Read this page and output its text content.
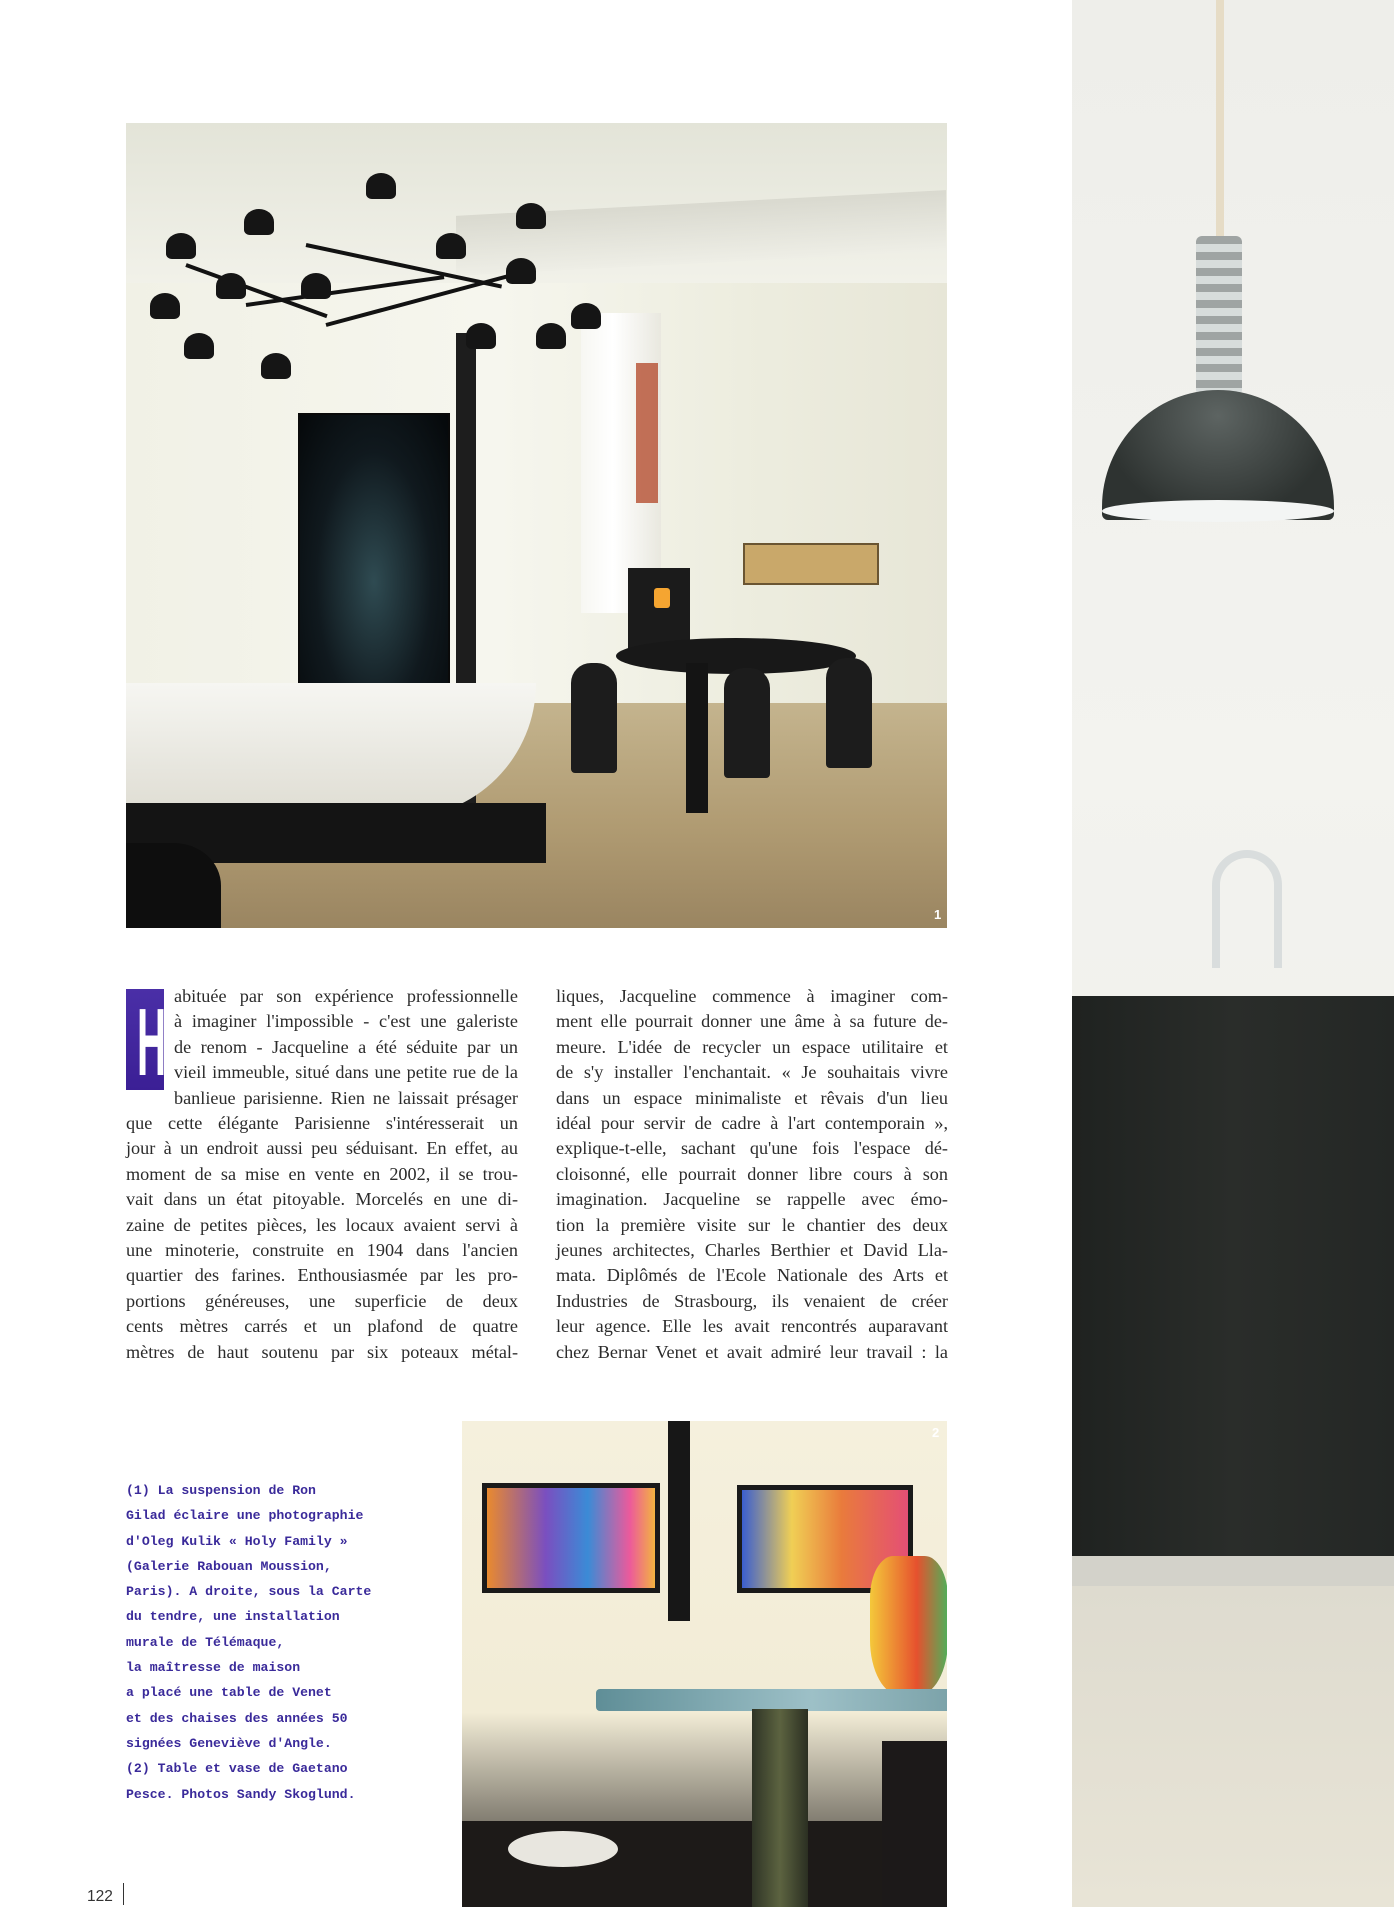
1
H abituée par son expérience professionnelle
à imaginer l'impossible - c'est une galeriste
de renom - Jacqueline a été séduite par un
vieil immeuble, situé dans une petite rue de la
banlieue parisienne. Rien ne laissait présager
que cette élégante Parisienne s'intéresserait un
jour à un endroit aussi peu séduisant. En effet, au
moment de sa mise en vente en 2002, il se trou-
vait dans un état pitoyable. Morcelés en une di-
zaine de petites pièces, les locaux avaient servi à
une minoterie, construite en 1904 dans l'ancien
quartier des farines. Enthousiasmée par les pro-
portions généreuses, une superficie de deux
cents mètres carrés et un plafond de quatre
mètres de haut soutenu par six poteaux métal-

liques, Jacqueline commence à imaginer com-
ment elle pourrait donner une âme à sa future de-
meure. L'idée de recycler un espace utilitaire et
de s'y installer l'enchantait. « Je souhaitais vivre
dans un espace minimaliste et rêvais d'un lieu
idéal pour servir de cadre à l'art contemporain »,
explique-t-elle, sachant qu'une fois l'espace dé-
cloisonné, elle pourrait donner libre cours à son
imagination. Jacqueline se rappelle avec émo-
tion la première visite sur le chantier des deux
jeunes architectes, Charles Berthier et David Lla-
mata. Diplômés de l'Ecole Nationale des Arts et
Industries de Strasbourg, ils venaient de créer
leur agence. Elle les avait rencontrés auparavant
chez Bernar Venet et avait admiré leur travail : la

(1) La suspension de Ron
Gilad éclaire une photographie
d'Oleg Kulik « Holy Family »
(Galerie Rabouan Moussion,
Paris). A droite, sous la Carte
du tendre, une installation
murale de Télémaque,
la maîtresse de maison
a placé une table de Venet
et des chaises des années 50
signées Geneviève d'Angle.
(2) Table et vase de Gaetano
Pesce. Photos Sandy Skoglund.
2
122
